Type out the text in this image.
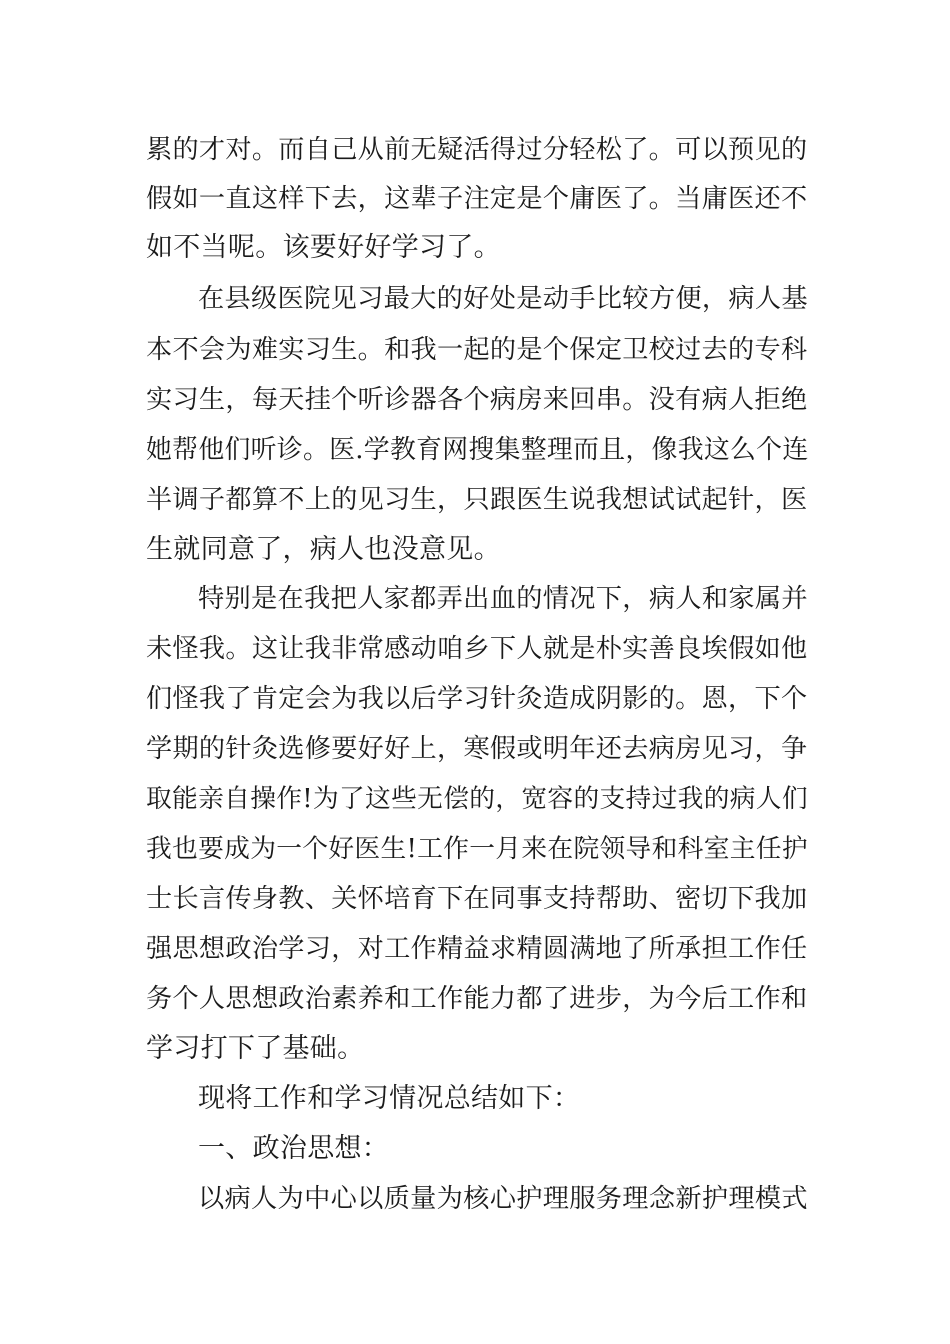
累的才对。而自己从前无疑活得过分轻松了。可以预见的
假如一直这样下去，这辈子注定是个庸医了。当庸医还不
如不当呢。该要好好学习了。
在县级医院见习最大的好处是动手比较方便，病人基
本不会为难实习生。和我一起的是个保定卫校过去的专科
实习生，每天挂个听诊器各个病房来回串。没有病人拒绝
她帮他们听诊。医.学教育网搜集整理而且，像我这么个连
半调子都算不上的见习生，只跟医生说我想试试起针，医
生就同意了，病人也没意见。
特别是在我把人家都弄出血的情况下，病人和家属并
未怪我。这让我非常感动咱乡下人就是朴实善良埃假如他
们怪我了肯定会为我以后学习针灸造成阴影的。恩，下个
学期的针灸选修要好好上，寒假或明年还去病房见习，争
取能亲自操作!为了这些无偿的，宽容的支持过我的病人们
我也要成为一个好医生!工作一月来在院领导和科室主任护
士长言传身教、关怀培育下在同事支持帮助、密切下我加
强思想政治学习，对工作精益求精圆满地了所承担工作任
务个人思想政治素养和工作能力都了进步，为今后工作和
学习打下了基础。
现将工作和学习情况总结如下：
一、政治思想：
以病人为中心以质量为核心护理服务理念新护理模式
